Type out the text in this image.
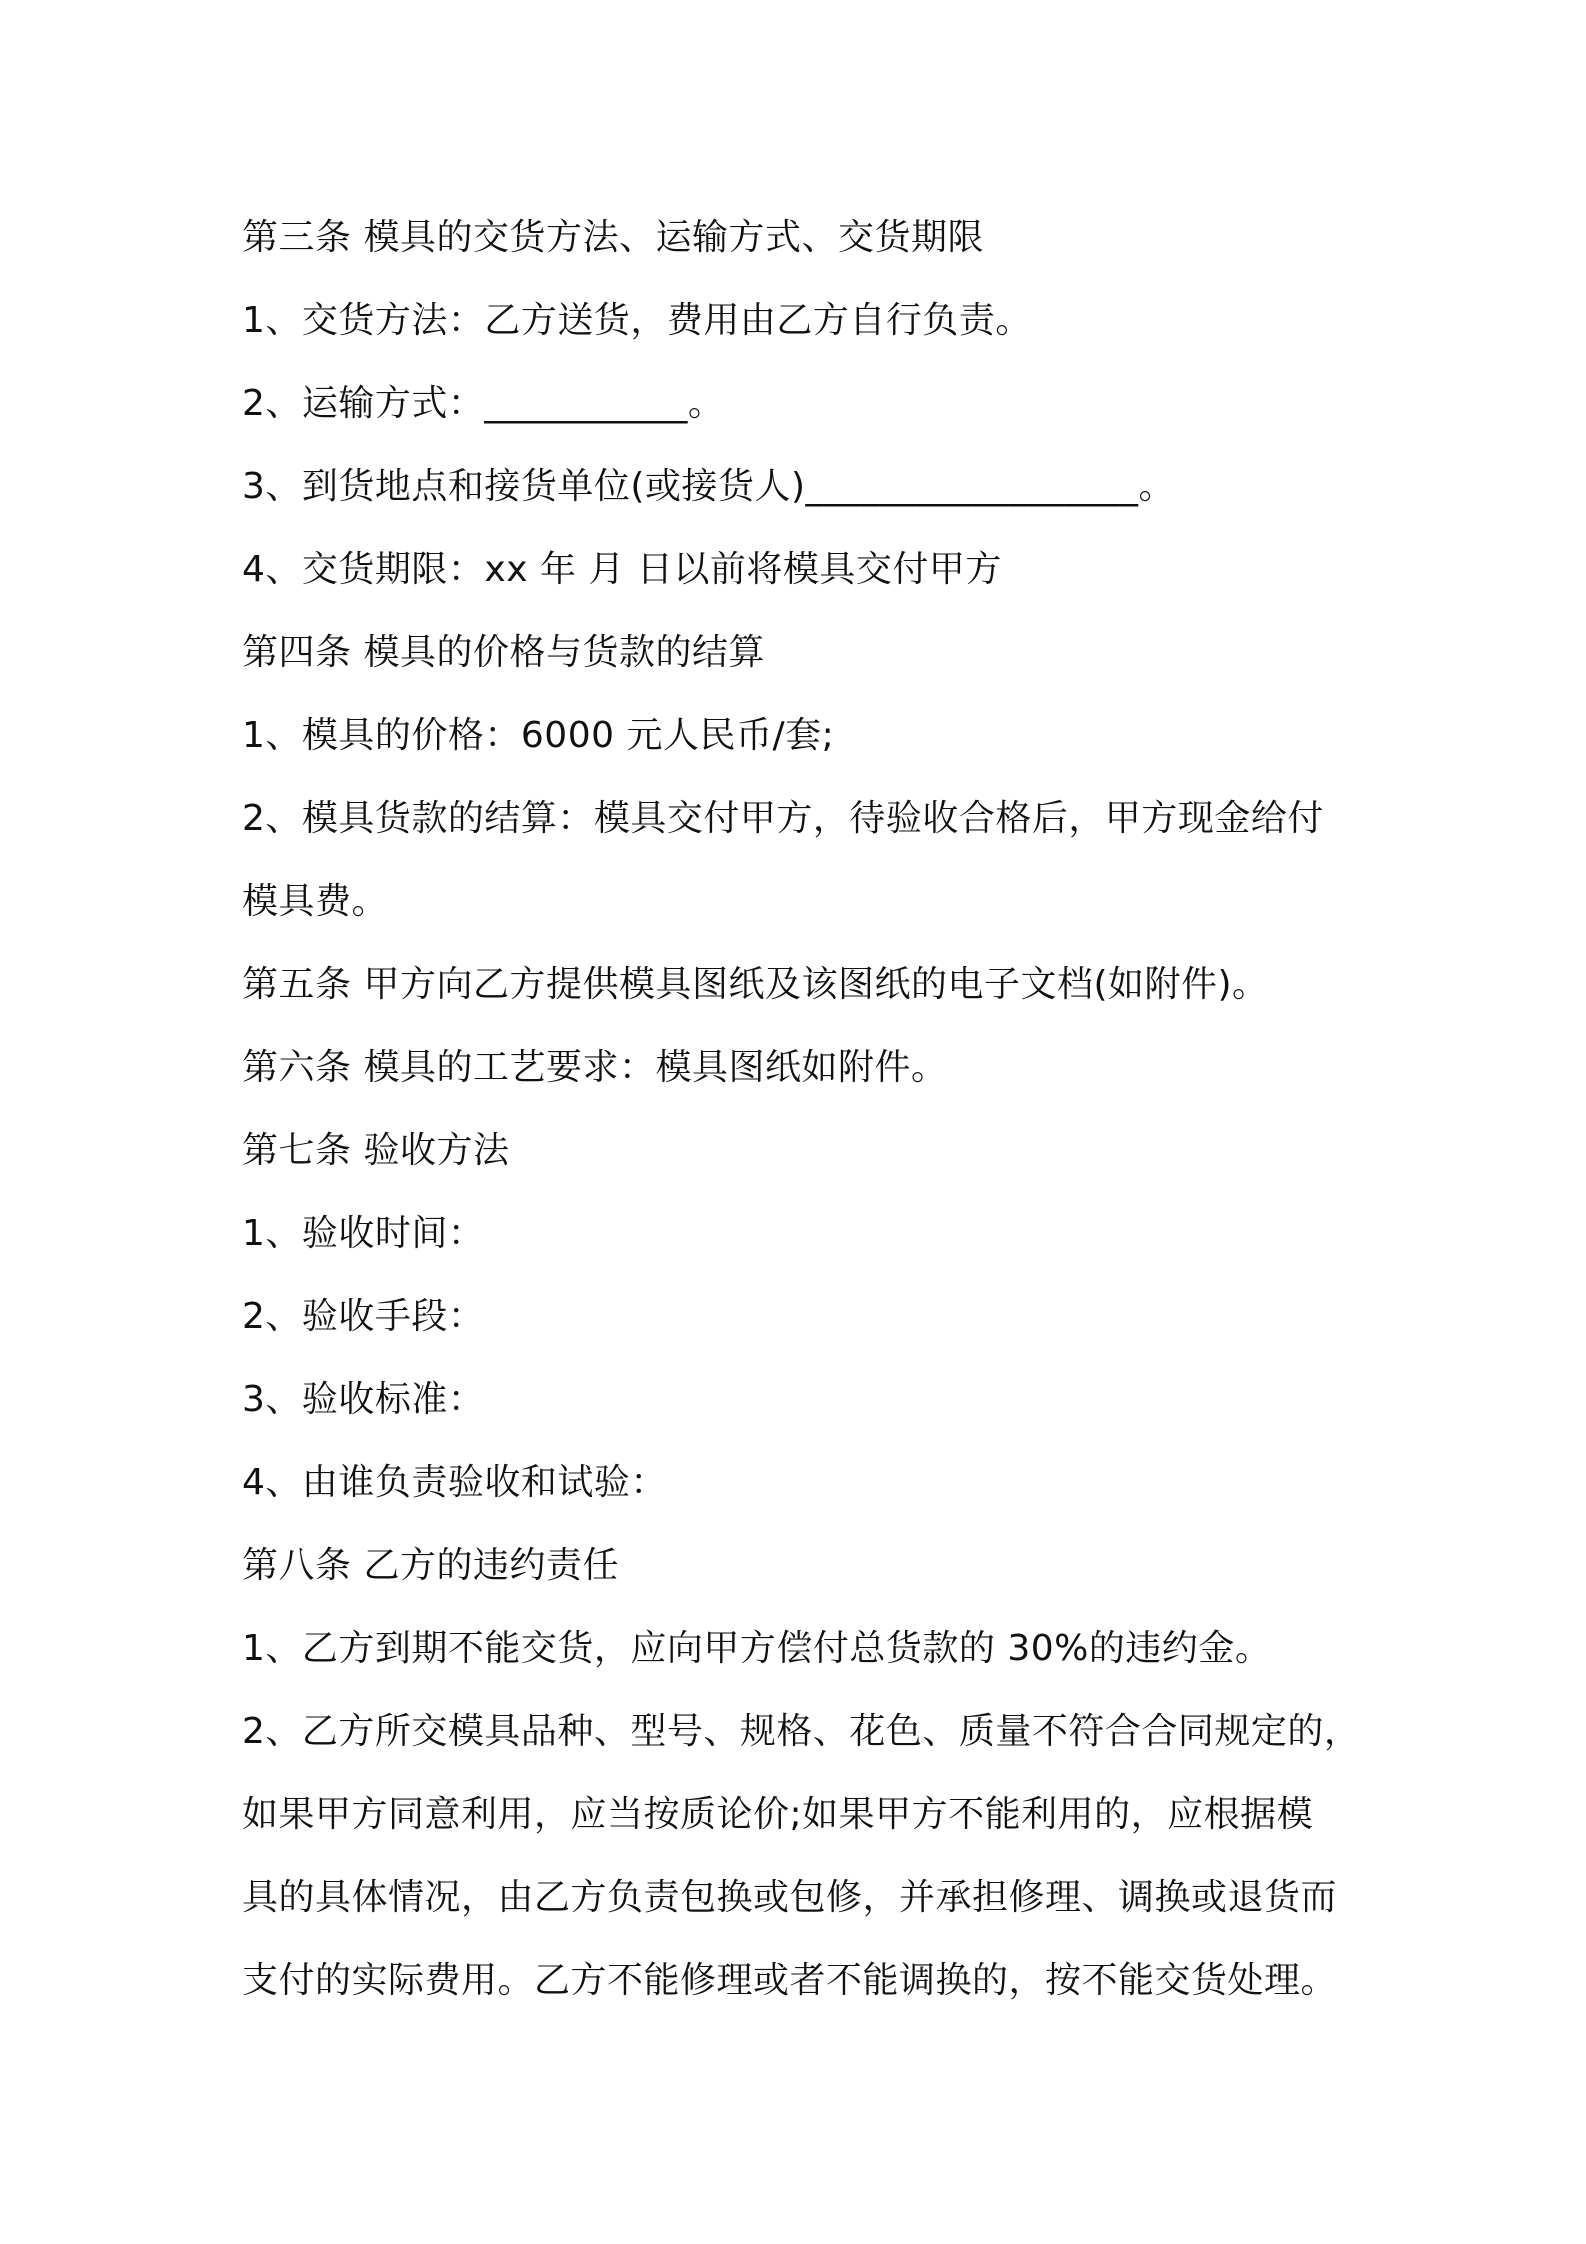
第三条 模具的交货方法、运输方式、交货期限
1、交货方法：乙方送货，费用由乙方自行负责。
2、运输方式：___________。
3、到货地点和接货单位(或接货人)__________________。
4、交货期限：xx 年 月 日以前将模具交付甲方
第四条 模具的价格与货款的结算
1、模具的价格：6000 元人民币/套;
2、模具货款的结算：模具交付甲方，待验收合格后，甲方现金给付
模具费。
第五条 甲方向乙方提供模具图纸及该图纸的电子文档(如附件)。
第六条 模具的工艺要求：模具图纸如附件。
第七条 验收方法
1、验收时间：
2、验收手段：
3、验收标准：
4、由谁负责验收和试验：
第八条 乙方的违约责任
1、乙方到期不能交货，应向甲方偿付总货款的 30%的违约金。
2、乙方所交模具品种、型号、规格、花色、质量不符合合同规定的，
如果甲方同意利用，应当按质论价;如果甲方不能利用的，应根据模
具的具体情况，由乙方负责包换或包修，并承担修理、调换或退货而
支付的实际费用。乙方不能修理或者不能调换的，按不能交货处理。
